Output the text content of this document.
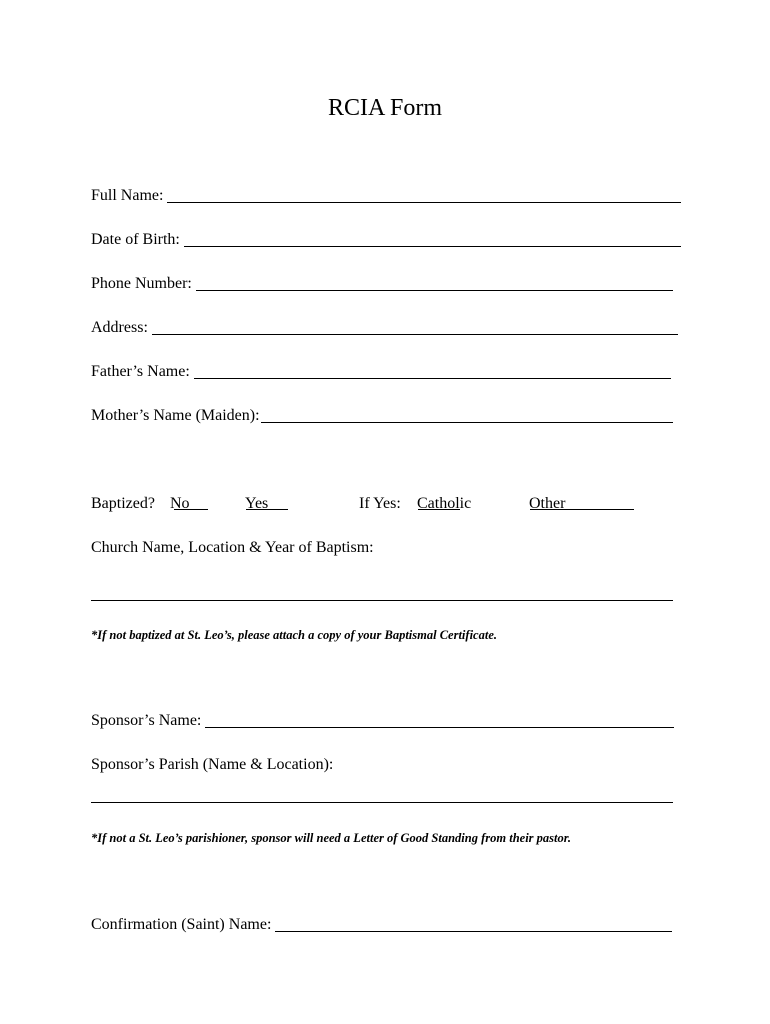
RCIA Form
Full Name:
Date of Birth:
Phone Number:
Address:
Father’s Name:
Mother’s Name (Maiden):
Baptized? No	Yes	If Yes: Catholic	Other
Church Name, Location & Year of Baptism:
*If not baptized at St. Leo’s, please attach a copy of your Baptismal Certificate.
Sponsor’s Name:
Sponsor’s Parish (Name & Location):
*If not a St. Leo’s parishioner, sponsor will need a Letter of Good Standing from their pastor.
Confirmation (Saint) Name:
